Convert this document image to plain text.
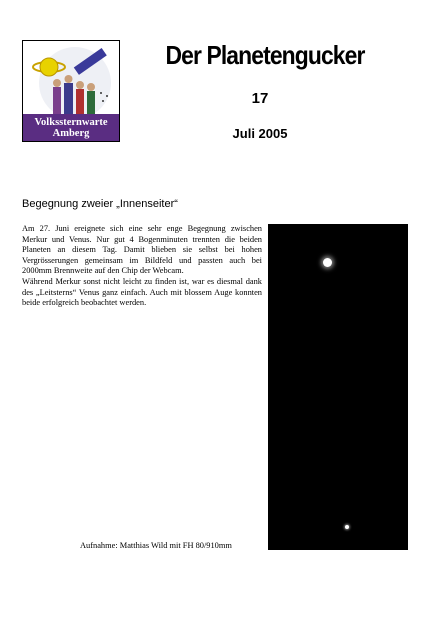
Volkssternwarte
Amberg
Der Planetengucker
17
Juli 2005
Begegnung zweier „Innenseiter“

Am 27. Juni ereignete sich eine sehr enge Begegnung zwischen Merkur und Venus. Nur gut 4 Bogenminuten trennten die beiden Planeten an diesem Tag. Damit blieben sie selbst bei hohen Vergrösserungen gemeinsam im Bildfeld und passten auch bei 2000mm Brennweite auf den Chip der Webcam.

Während Merkur sonst nicht leicht zu finden ist, war es diesmal dank des „Leitsterns“ Venus ganz einfach. Auch mit blossem Auge konnten beide erfolgreich beobachtet werden.

Aufnahme: Matthias Wild mit FH 80/910mm
